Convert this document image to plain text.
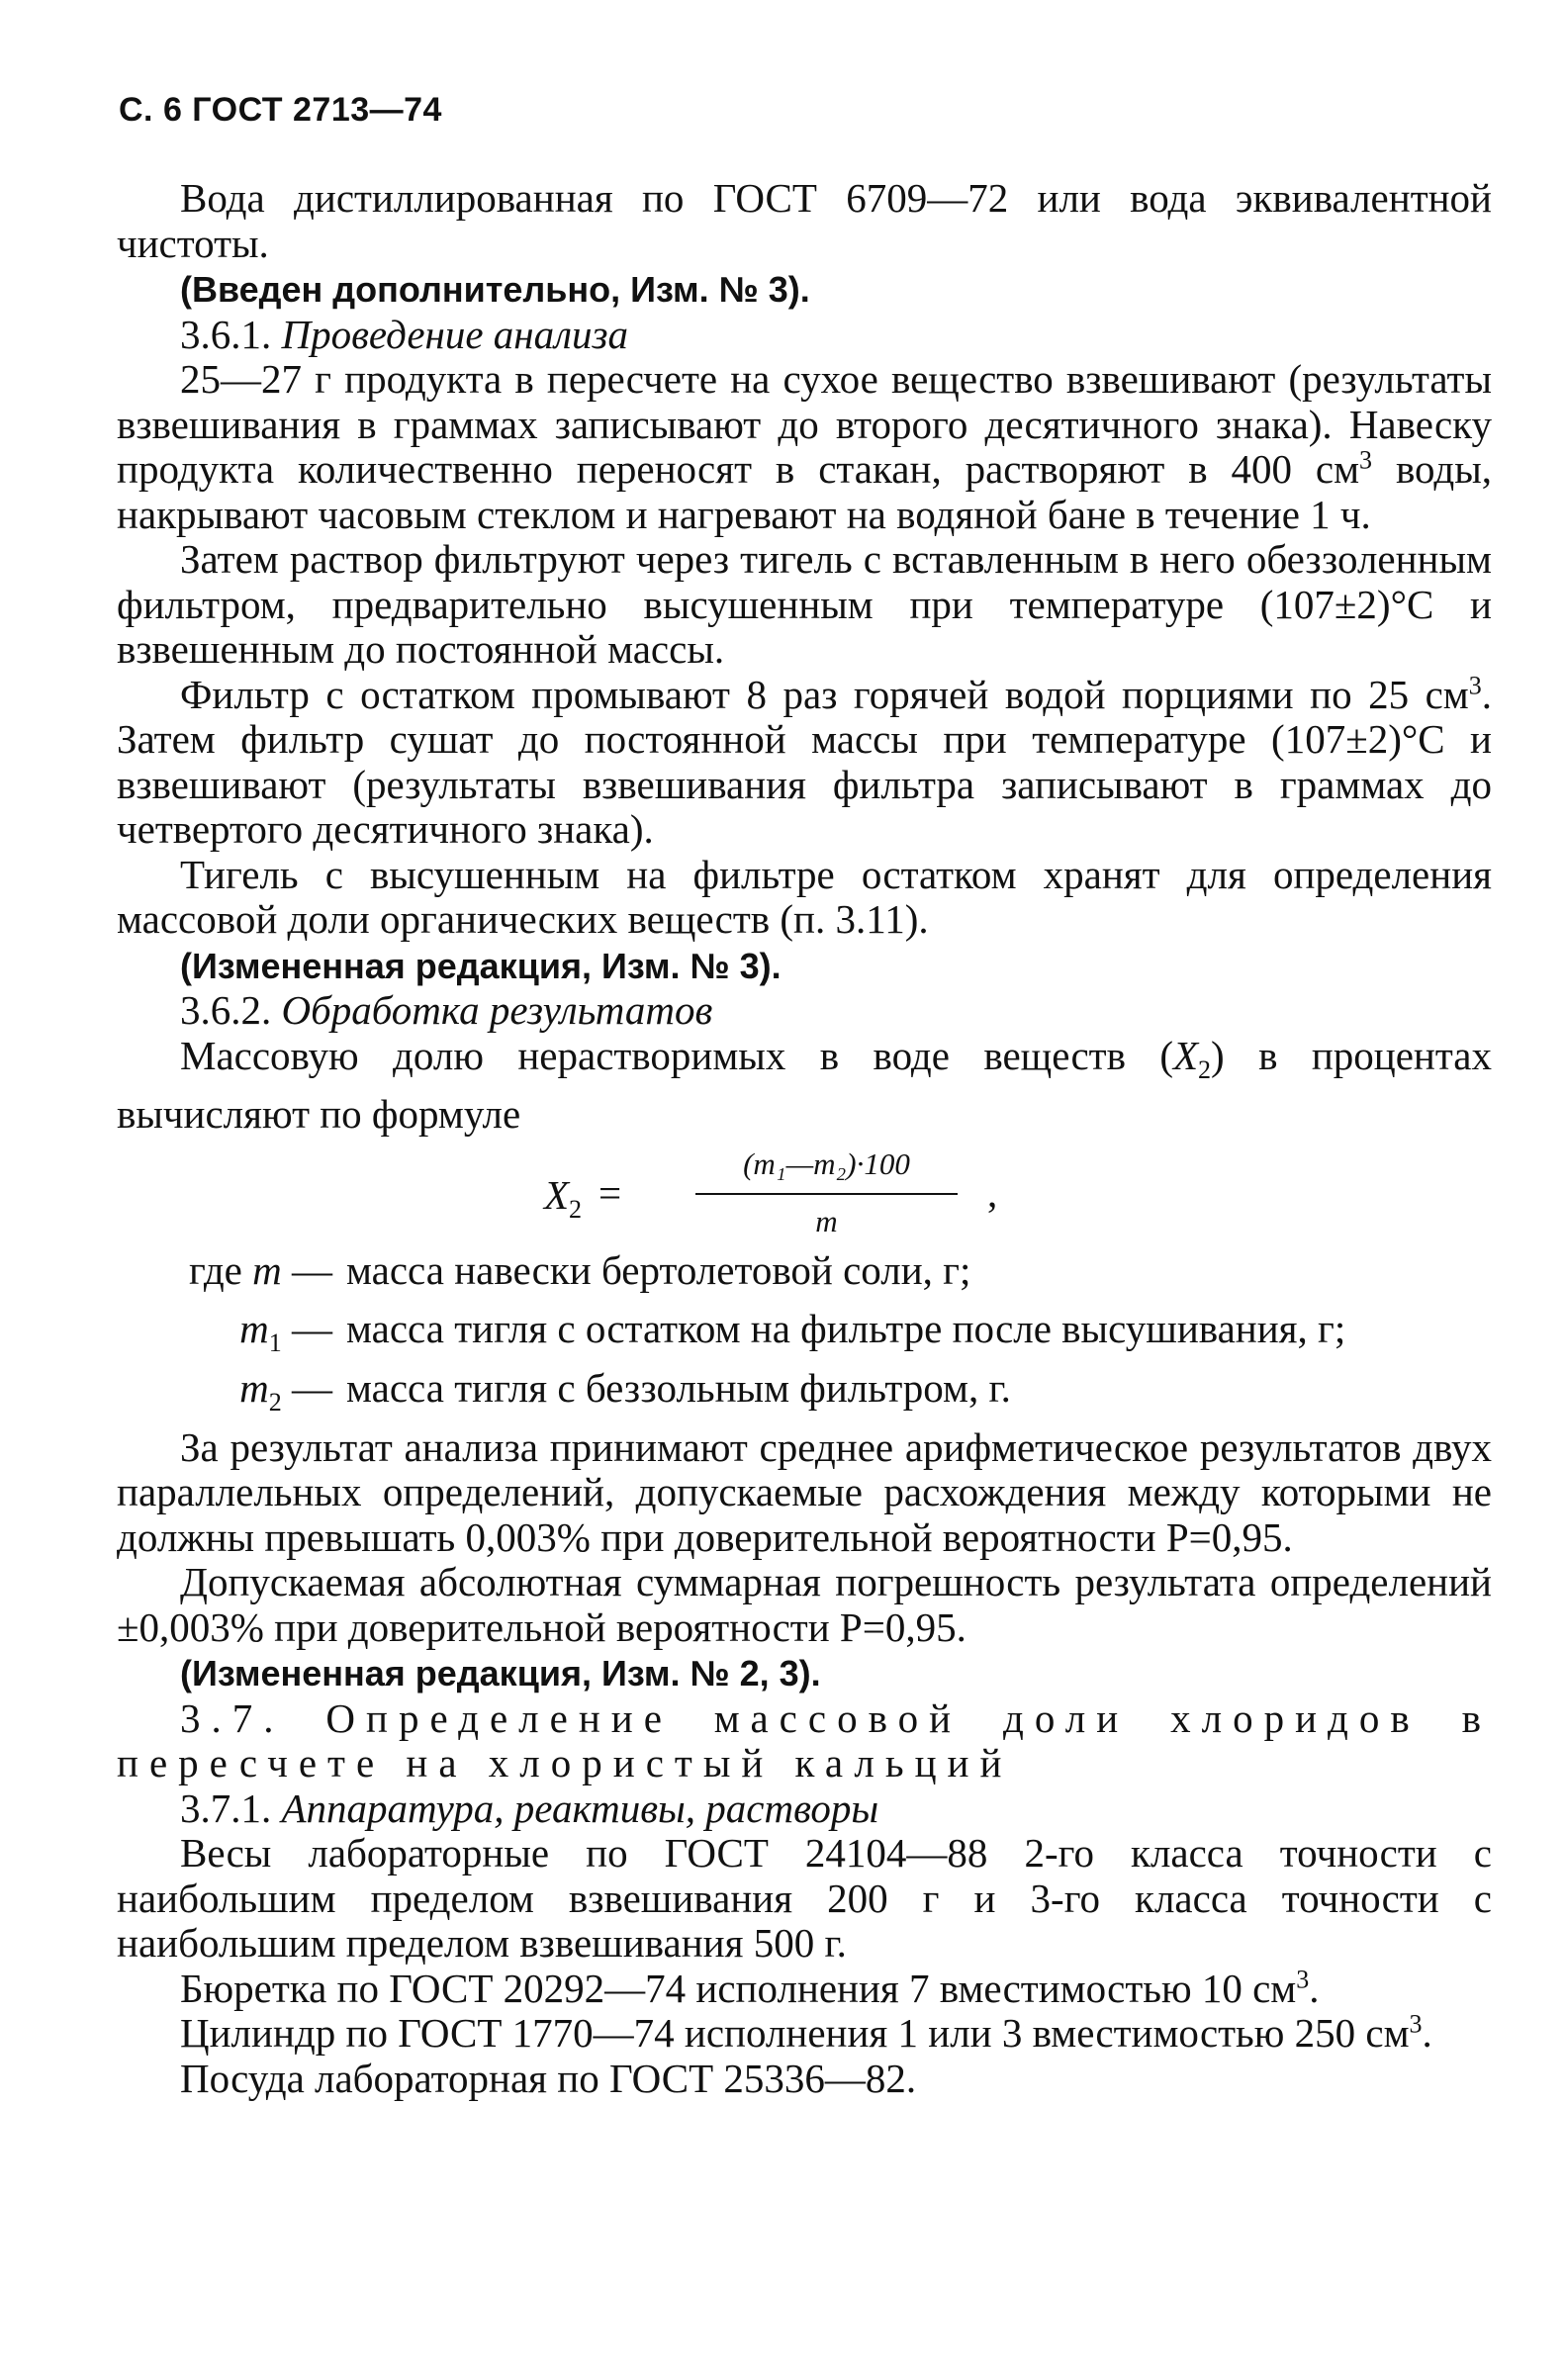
С. 6 ГОСТ 2713—74

Вода дистиллированная по ГОСТ 6709—72 или вода эквивалентной чистоты.

(Введен дополнительно, Изм. № 3).

3.6.1. Проведение анализа

25—27 г продукта в пересчете на сухое вещество взвешивают (результаты взвешивания в граммах записывают до второго десятичного знака). Навеску продукта количественно переносят в стакан, растворяют в 400 $см^3$ воды, накрывают часовым стеклом и нагревают на водяной бане в течение 1 ч.

Затем раствор фильтруют через тигель с вставленным в него обеззоленным фильтром, предварительно высушенным при температуре (107±2)°С и взвешенным до постоянной массы.

Фильтр с остатком промывают 8 раз горячей водой порциями по 25 $см^3$. Затем фильтр сушат до постоянной массы при температуре (107±2)°С и взвешивают (результаты взвешивания фильтра записывают в граммах до четвертого десятичного знака).

Тигель с высушенным на фильтре остатком хранят для определения массовой доли органических веществ (п. 3.11).

(Измененная редакция, Изм. № 3).

3.6.2. Обработка результатов

Массовую долю нерастворимых в воде веществ $(X_2)$ в процентах вычисляют по формуле

$X_2$ =
(m₁—m₂)·100
m
,
где m — масса навески бертолетовой соли, г;
$m_1$ — масса тигля с остатком на фильтре после высушивания, г;
$m_2$ — масса тигля с беззольным фильтром, г.

За результат анализа принимают среднее арифметическое результатов двух параллельных определений, допускаемые расхождения между которыми не должны превышать 0,003% при доверительной вероятности Р=0,95.

Допускаемая абсолютная суммарная погрешность результата определений ±0,003% при доверительной вероятности Р=0,95.

(Измененная редакция, Изм. № 2, 3).

3.7. Определение массовой доли хлоридов в пересчете на хлористый кальций

3.7.1. Аппаратура, реактивы, растворы

Весы лабораторные по ГОСТ 24104—88 2-го класса точности с наибольшим пределом взвешивания 200 г и 3-го класса точности с наибольшим пределом взвешивания 500 г.

Бюретка по ГОСТ 20292—74 исполнения 7 вместимостью 10 $см^3$.

Цилиндр по ГОСТ 1770—74 исполнения 1 или 3 вместимостью 250 $см^3$.

Посуда лабораторная по ГОСТ 25336—82.
